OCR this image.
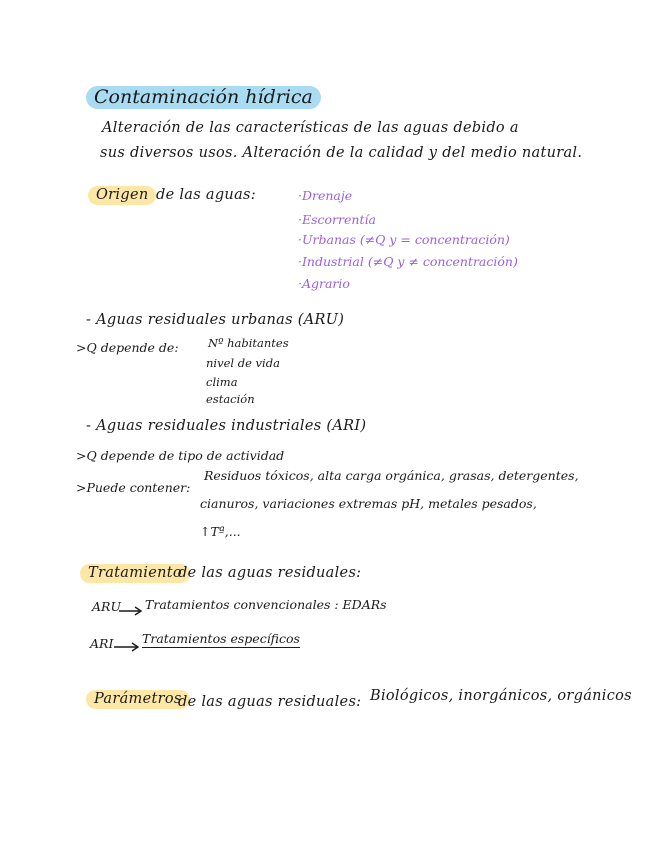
Contaminación hídrica
Alteración de las características de las aguas debido a
sus diversos usos. Alteración de la calidad y del medio natural.
Origen de las aguas:	·Drenaje
·Escorrentía
·Urbanas (≠Q y = concentración)
·Industrial (≠Q y ≠ concentración)
·Agrario
- Aguas residuales urbanas (ARU)
>Q depende de:	Nº habitantes
nivel de vida
clima
estación
- Aguas residuales industriales (ARI)
>Q depende de tipo de actividad
>Puede contener:
Residuos tóxicos, alta carga orgánica, grasas, detergentes,
cianuros, variaciones extremas pH, metales pesados,
↑Tª,...
Tratamiento
de las aguas residuales:
ARU Tratamientos convencionales : EDARs
ARI Tratamientos específicos
Parámetros
de las aguas residuales: Biológicos, inorgánicos, orgánicos
